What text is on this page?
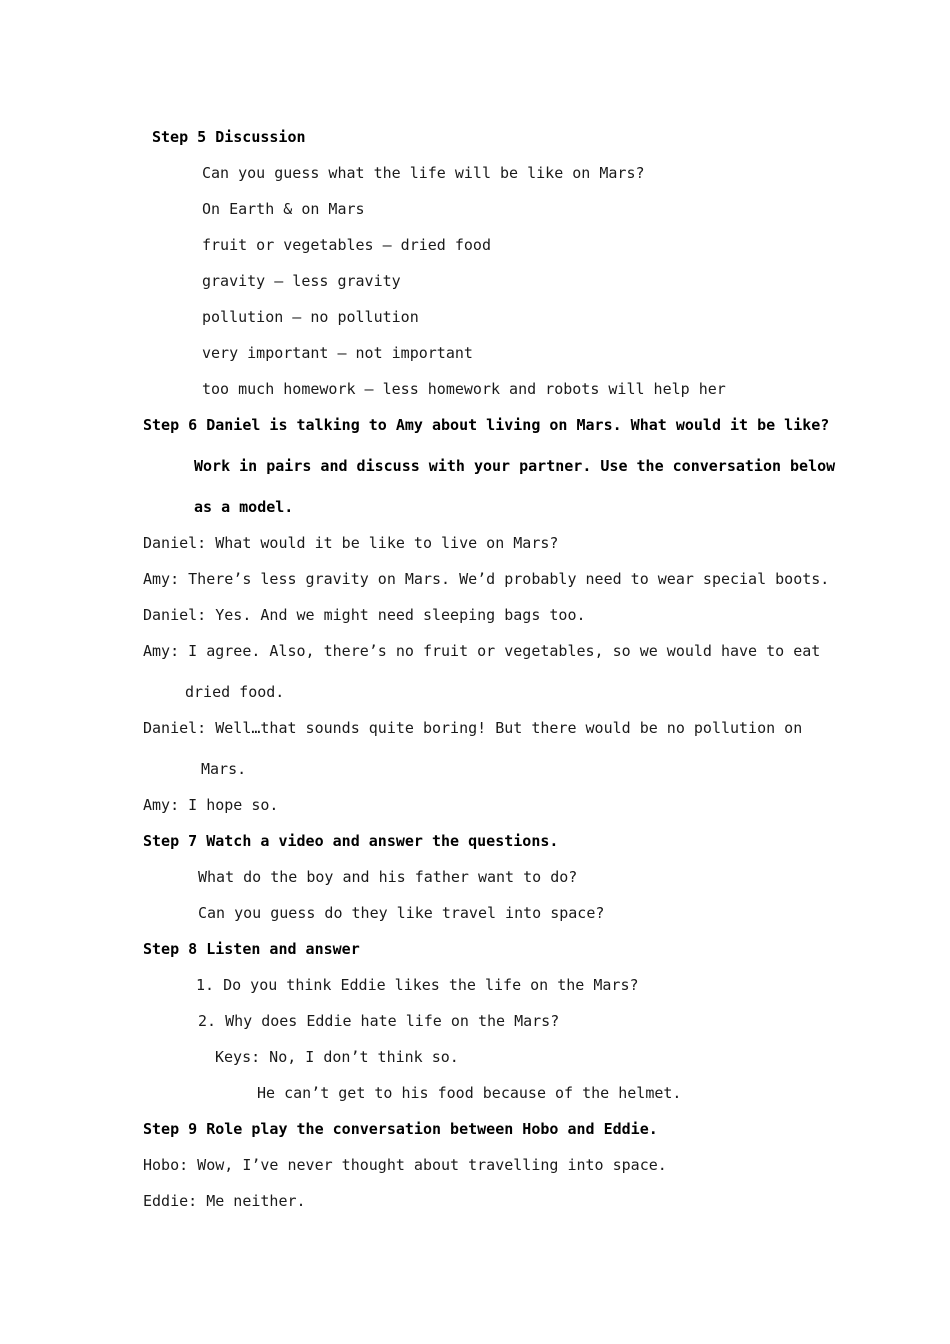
Step 5 Discussion
Can you guess what the life will be like on Mars?
On Earth & on Mars
fruit or vegetables — dried food
gravity — less gravity
pollution — no pollution
very important — not important
too much homework — less homework and robots will help her
Step 6 Daniel is talking to Amy about living on Mars. What would it be like?
Work in pairs and discuss with your partner. Use the conversation below
as a model.
Daniel: What would it be like to live on Mars?
Amy: There’s less gravity on Mars. We’d probably need to wear special boots.
Daniel: Yes. And we might need sleeping bags too.
Amy: I agree. Also, there’s no fruit or vegetables, so we would have to eat
dried food.
Daniel: Well…that sounds quite boring! But there would be no pollution on
Mars.
Amy: I hope so.
Step 7 Watch a video and answer the questions.
What do the boy and his father want to do?
Can you guess do they like travel into space?
Step 8 Listen and answer
1. Do you think Eddie likes the life on the Mars?
2. Why does Eddie hate life on the Mars?
Keys: No, I don’t think so.
He can’t get to his food because of the helmet.
Step 9 Role play the conversation between Hobo and Eddie.
Hobo: Wow, I’ve never thought about travelling into space.
Eddie: Me neither.
